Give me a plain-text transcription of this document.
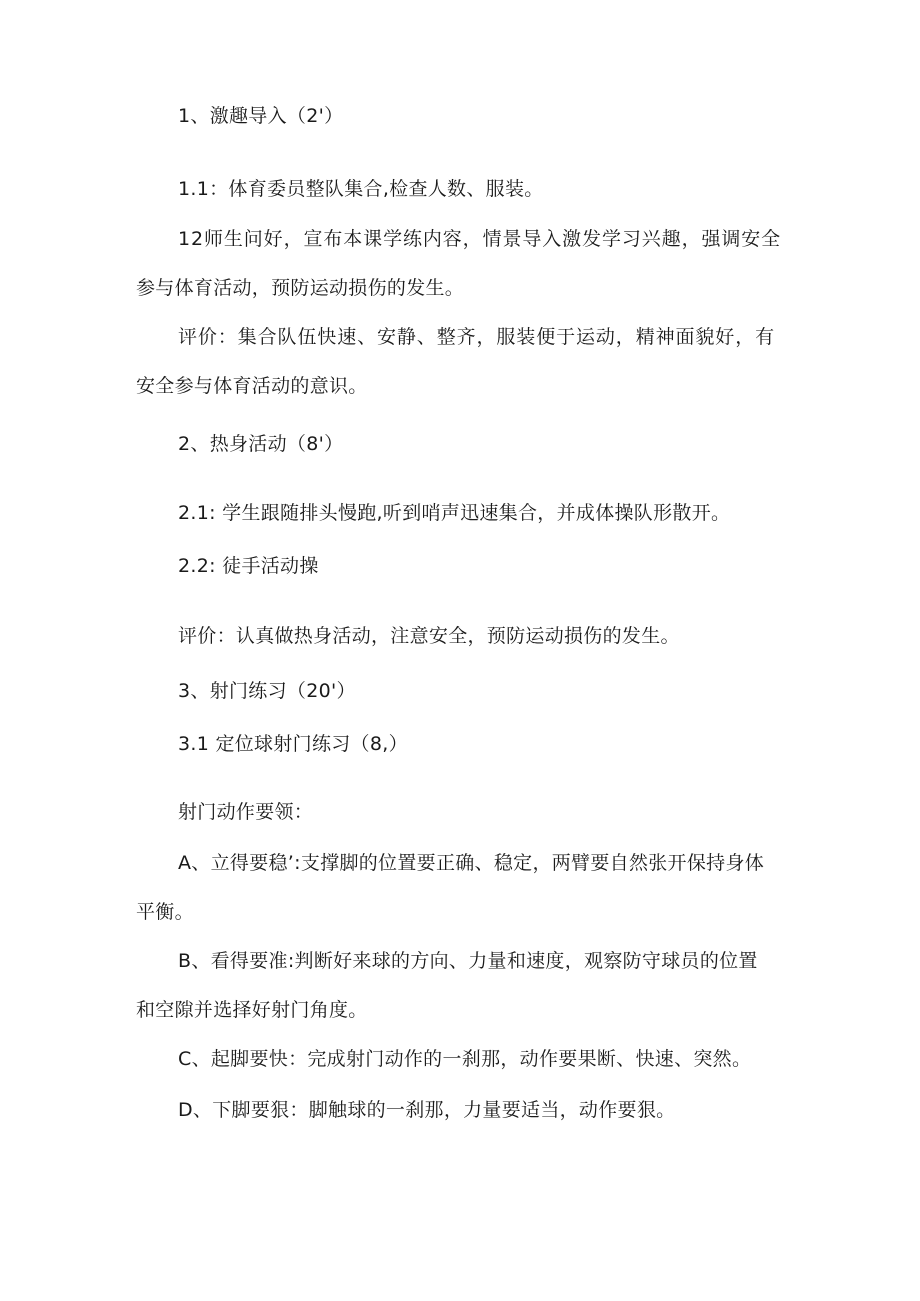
1、激趣导入（2'）
1.1：体育委员整队集合,检查人数、服装。
12师生问好，宣布本课学练内容，情景导入激发学习兴趣，强调安全
参与体育活动，预防运动损伤的发生。
评价：集合队伍快速、安静、整齐，服装便于运动，精神面貌好，有
安全参与体育活动的意识。
2、热身活动（8'）
2.1: 学生跟随排头慢跑,听到哨声迅速集合，并成体操队形散开。
2.2: 徒手活动操
评价：认真做热身活动，注意安全，预防运动损伤的发生。
3、射门练习（20'）
3.1 定位球射门练习（8,）
射门动作要领：
A、立得要稳’:支撑脚的位置要正确、稳定，两臂要自然张开保持身体
平衡。
B、看得要准:判断好来球的方向、力量和速度，观察防守球员的位置
和空隙并选择好射门角度。
C、起脚要快：完成射门动作的一刹那，动作要果断、快速、突然。
D、下脚要狠：脚触球的一刹那，力量要适当，动作要狠。
